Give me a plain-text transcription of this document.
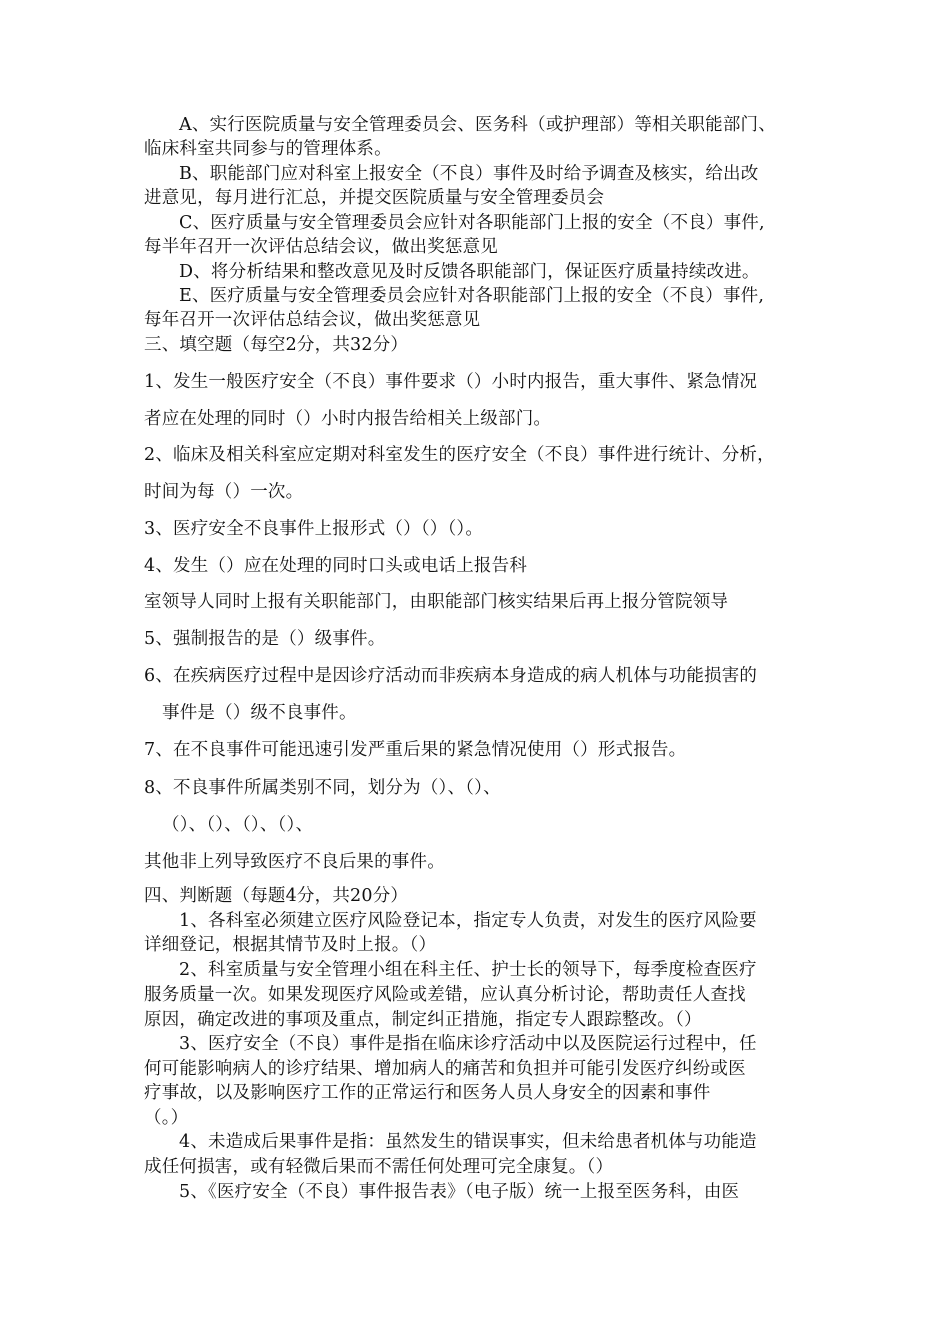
A、实行医院质量与安全管理委员会、医务科（或护理部）等相关职能部门、
临床科室共同参与的管理体系。
B、职能部门应对科室上报安全（不良）事件及时给予调查及核实，给出改
进意见，每月进行汇总，并提交医院质量与安全管理委员会
C、医疗质量与安全管理委员会应针对各职能部门上报的安全（不良）事件,
每半年召开一次评估总结会议，做出奖惩意见
D、将分析结果和整改意见及时反馈各职能部门，保证医疗质量持续改进。
E、医疗质量与安全管理委员会应针对各职能部门上报的安全（不良）事件,
每年召开一次评估总结会议，做出奖惩意见
三、填空题（每空2分，共32分）
1、发生一般医疗安全（不良）事件要求（）小时内报告，重大事件、紧急情况
者应在处理的同时（）小时内报告给相关上级部门。
2、临床及相关科室应定期对科室发生的医疗安全（不良）事件进行统计、分析，
时间为每（）一次。
3、医疗安全不良事件上报形式（）（）（）。
4、发生（）应在处理的同时口头或电话上报告科
室领导人同时上报有关职能部门，由职能部门核实结果后再上报分管院领导
5、强制报告的是（）级事件。
6、在疾病医疗过程中是因诊疗活动而非疾病本身造成的病人机体与功能损害的
事件是（）级不良事件。
7、在不良事件可能迅速引发严重后果的紧急情况使用（）形式报告。
8、不良事件所属类别不同，划分为（）、（）、
（）、（）、（）、（）、
其他非上列导致医疗不良后果的事件。
四、判断题（每题4分，共20分）
1、各科室必须建立医疗风险登记本，指定专人负责，对发生的医疗风险要
详细登记，根据其情节及时上报。（）
2、科室质量与安全管理小组在科主任、护士长的领导下，每季度检查医疗
服务质量一次。如果发现医疗风险或差错，应认真分析讨论，帮助责任人查找
原因，确定改进的事项及重点，制定纠正措施，指定专人跟踪整改。（）
3、医疗安全（不良）事件是指在临床诊疗活动中以及医院运行过程中，任
何可能影响病人的诊疗结果、增加病人的痛苦和负担并可能引发医疗纠纷或医
疗事故，以及影响医疗工作的正常运行和医务人员人身安全的因素和事件
（。）
4、未造成后果事件是指：虽然发生的错误事实，但未给患者机体与功能造
成任何损害，或有轻微后果而不需任何处理可完全康复。（）
5、《医疗安全（不良）事件报告表》（电子版）统一上报至医务科，由医
